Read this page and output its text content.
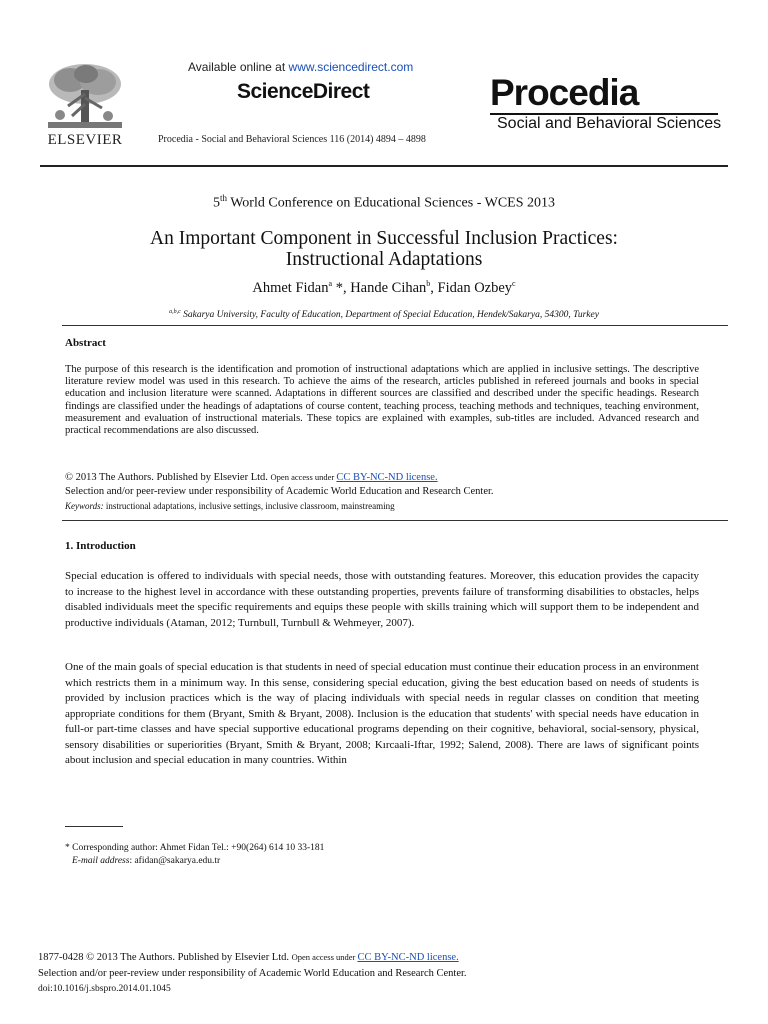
ELSEVIER
Available online at www.sciencedirect.com
ScienceDirect
Procedia - Social and Behavioral Sciences 116 (2014) 4894 – 4898
Procedia
Social and Behavioral Sciences
5th World Conference on Educational Sciences - WCES 2013
An Important Component in Successful Inclusion Practices:
Instructional Adaptations
Ahmet Fidan$^a$ *, Hande Cihan$^b$, Fidan Ozbey$^c$
$^{a,b,c}$ Sakarya University, Faculty of Education, Department of Special Education, Hendek/Sakarya, 54300, Turkey
Abstract
The purpose of this research is the identification and promotion of instructional adaptations which are applied in inclusive settings. The descriptive literature review model was used in this research. To achieve the aims of the research, articles published in refereed journals and books in special education and inclusion literature were scanned. Adaptations in different sources are classified and described under the specific headings. Research findings are classified under the headings of adaptations of course content, teaching process, teaching methods and techniques, teaching environment, measurement and evaluation of instructional materials. These topics are explained with examples, sub-titles are included. Advanced research and practical recommendations are also discussed.
© 2013 The Authors. Published by Elsevier Ltd. Open access under CC BY-NC-ND license.
Selection and/or peer-review under responsibility of Academic World Education and Research Center.
Keywords: instructional adaptations, inclusive settings, inclusive classroom, mainstreaming
1. Introduction
Special education is offered to individuals with special needs, those with outstanding features. Moreover, this education provides the capacity to increase to the highest level in accordance with these outstanding properties, prevents failure of transforming disabilities to obstacles, helps disabled individuals meet the specific requirements and equips these people with skills training which will support them to be independent and productive individuals (Ataman, 2012; Turnbull, Turnbull & Wehmeyer, 2007).
One of the main goals of special education is that students in need of special education must continue their education process in an environment which restricts them in a minimum way. In this sense, considering special education, giving the best education based on needs of students is provided by inclusion practices which is the way of placing individuals with special needs in regular classes on condition that meeting appropriate conditions for them (Bryant, Smith & Bryant, 2008). Inclusion is the education that students' with special needs have education in full-or part-time classes and have special supportive educational programs depending on their cognitive, behavioral, social-sensory, physical, sensory disabilities or superiorities (Bryant, Smith & Bryant, 2008; Kırcaali-Iftar, 1992; Salend, 2008). There are laws of significant points about inclusion and special education in many countries. Within
* Corresponding author: Ahmet Fidan Tel.: +90(264) 614 10 33-181
E-mail address: afidan@sakarya.edu.tr
1877-0428 © 2013 The Authors. Published by Elsevier Ltd. Open access under CC BY-NC-ND license.
Selection and/or peer-review under responsibility of Academic World Education and Research Center.
doi:10.1016/j.sbspro.2014.01.1045
